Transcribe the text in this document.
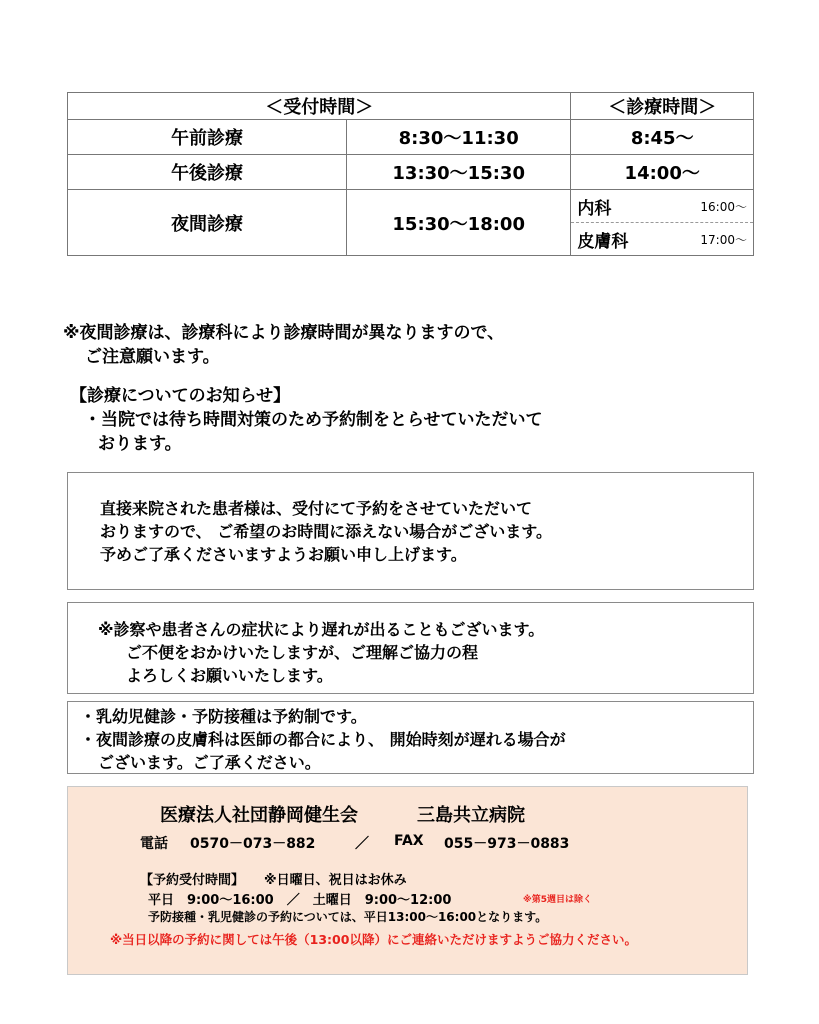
＜受付時間＞		＜診療時間＞
午前診療	8:30〜11:30	8:45〜
午後診療	13:30〜15:30	14:00〜
夜間診療	15:30〜18:00	内科 16:00〜
皮膚科 17:00〜
※夜間診療は、診療科により診療時間が異なりますので、
ご注意願います。
【診療についてのお知らせ】
・当院では待ち時間対策のため予約制をとらせていただいて
おります。

直接来院された患者様は、受付にて予約をさせていただいて

おりますので、 ご希望のお時間に添えない場合がございます。

予めご了承くださいますようお願い申し上げます。

※診察や患者さんの症状により遅れが出ることもございます。

ご不便をおかけいたしますが、ご理解ご協力の程

よろしくお願いいたします。

・乳幼児健診・予防接種は予約制です。

・夜間診療の皮膚科は医師の都合により、 開始時刻が遅れる場合が

ございます。ご了承ください。

医療法人社団静岡健生会	三島共立病院
電話 0570－073－882	／ FAX 055－973－0883
【予約受付時間】 ※日曜日、祝日はお休み
平日　9:00〜16:00　／　土曜日　9:00〜12:00	※第5週目は除く
予防接種・乳児健診の予約については、平日13:00〜16:00となります。
※当日以降の予約に関しては午後（13:00以降）にご連絡いただけますようご協力ください。
